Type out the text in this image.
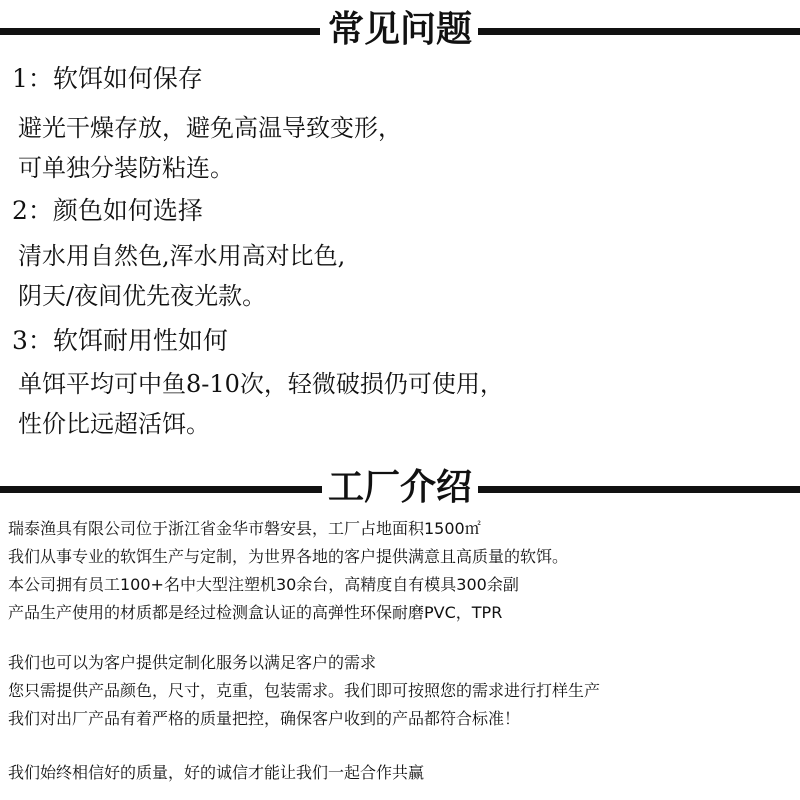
常见问题
1：软饵如何保存
避光干燥存放，避免高温导致变形，
可单独分装防粘连。
2：颜色如何选择
清水用自然色,浑水用高对比色,
阴天/夜间优先夜光款。
3：软饵耐用性如何
单饵平均可中鱼8-10次，轻微破损仍可使用，
性价比远超活饵。
工厂介绍
瑞泰渔具有限公司位于浙江省金华市磐安县，工厂占地面积1500㎡
我们从事专业的软饵生产与定制，为世界各地的客户提供满意且高质量的软饵。
本公司拥有员工100+名中大型注塑机30余台，高精度自有模具300余副
产品生产使用的材质都是经过检测盒认证的高弹性环保耐磨PVC，TPR
我们也可以为客户提供定制化服务以满足客户的需求
您只需提供产品颜色，尺寸，克重，包装需求。我们即可按照您的需求进行打样生产
我们对出厂产品有着严格的质量把控，确保客户收到的产品都符合标准！
我们始终相信好的质量，好的诚信才能让我们一起合作共赢
